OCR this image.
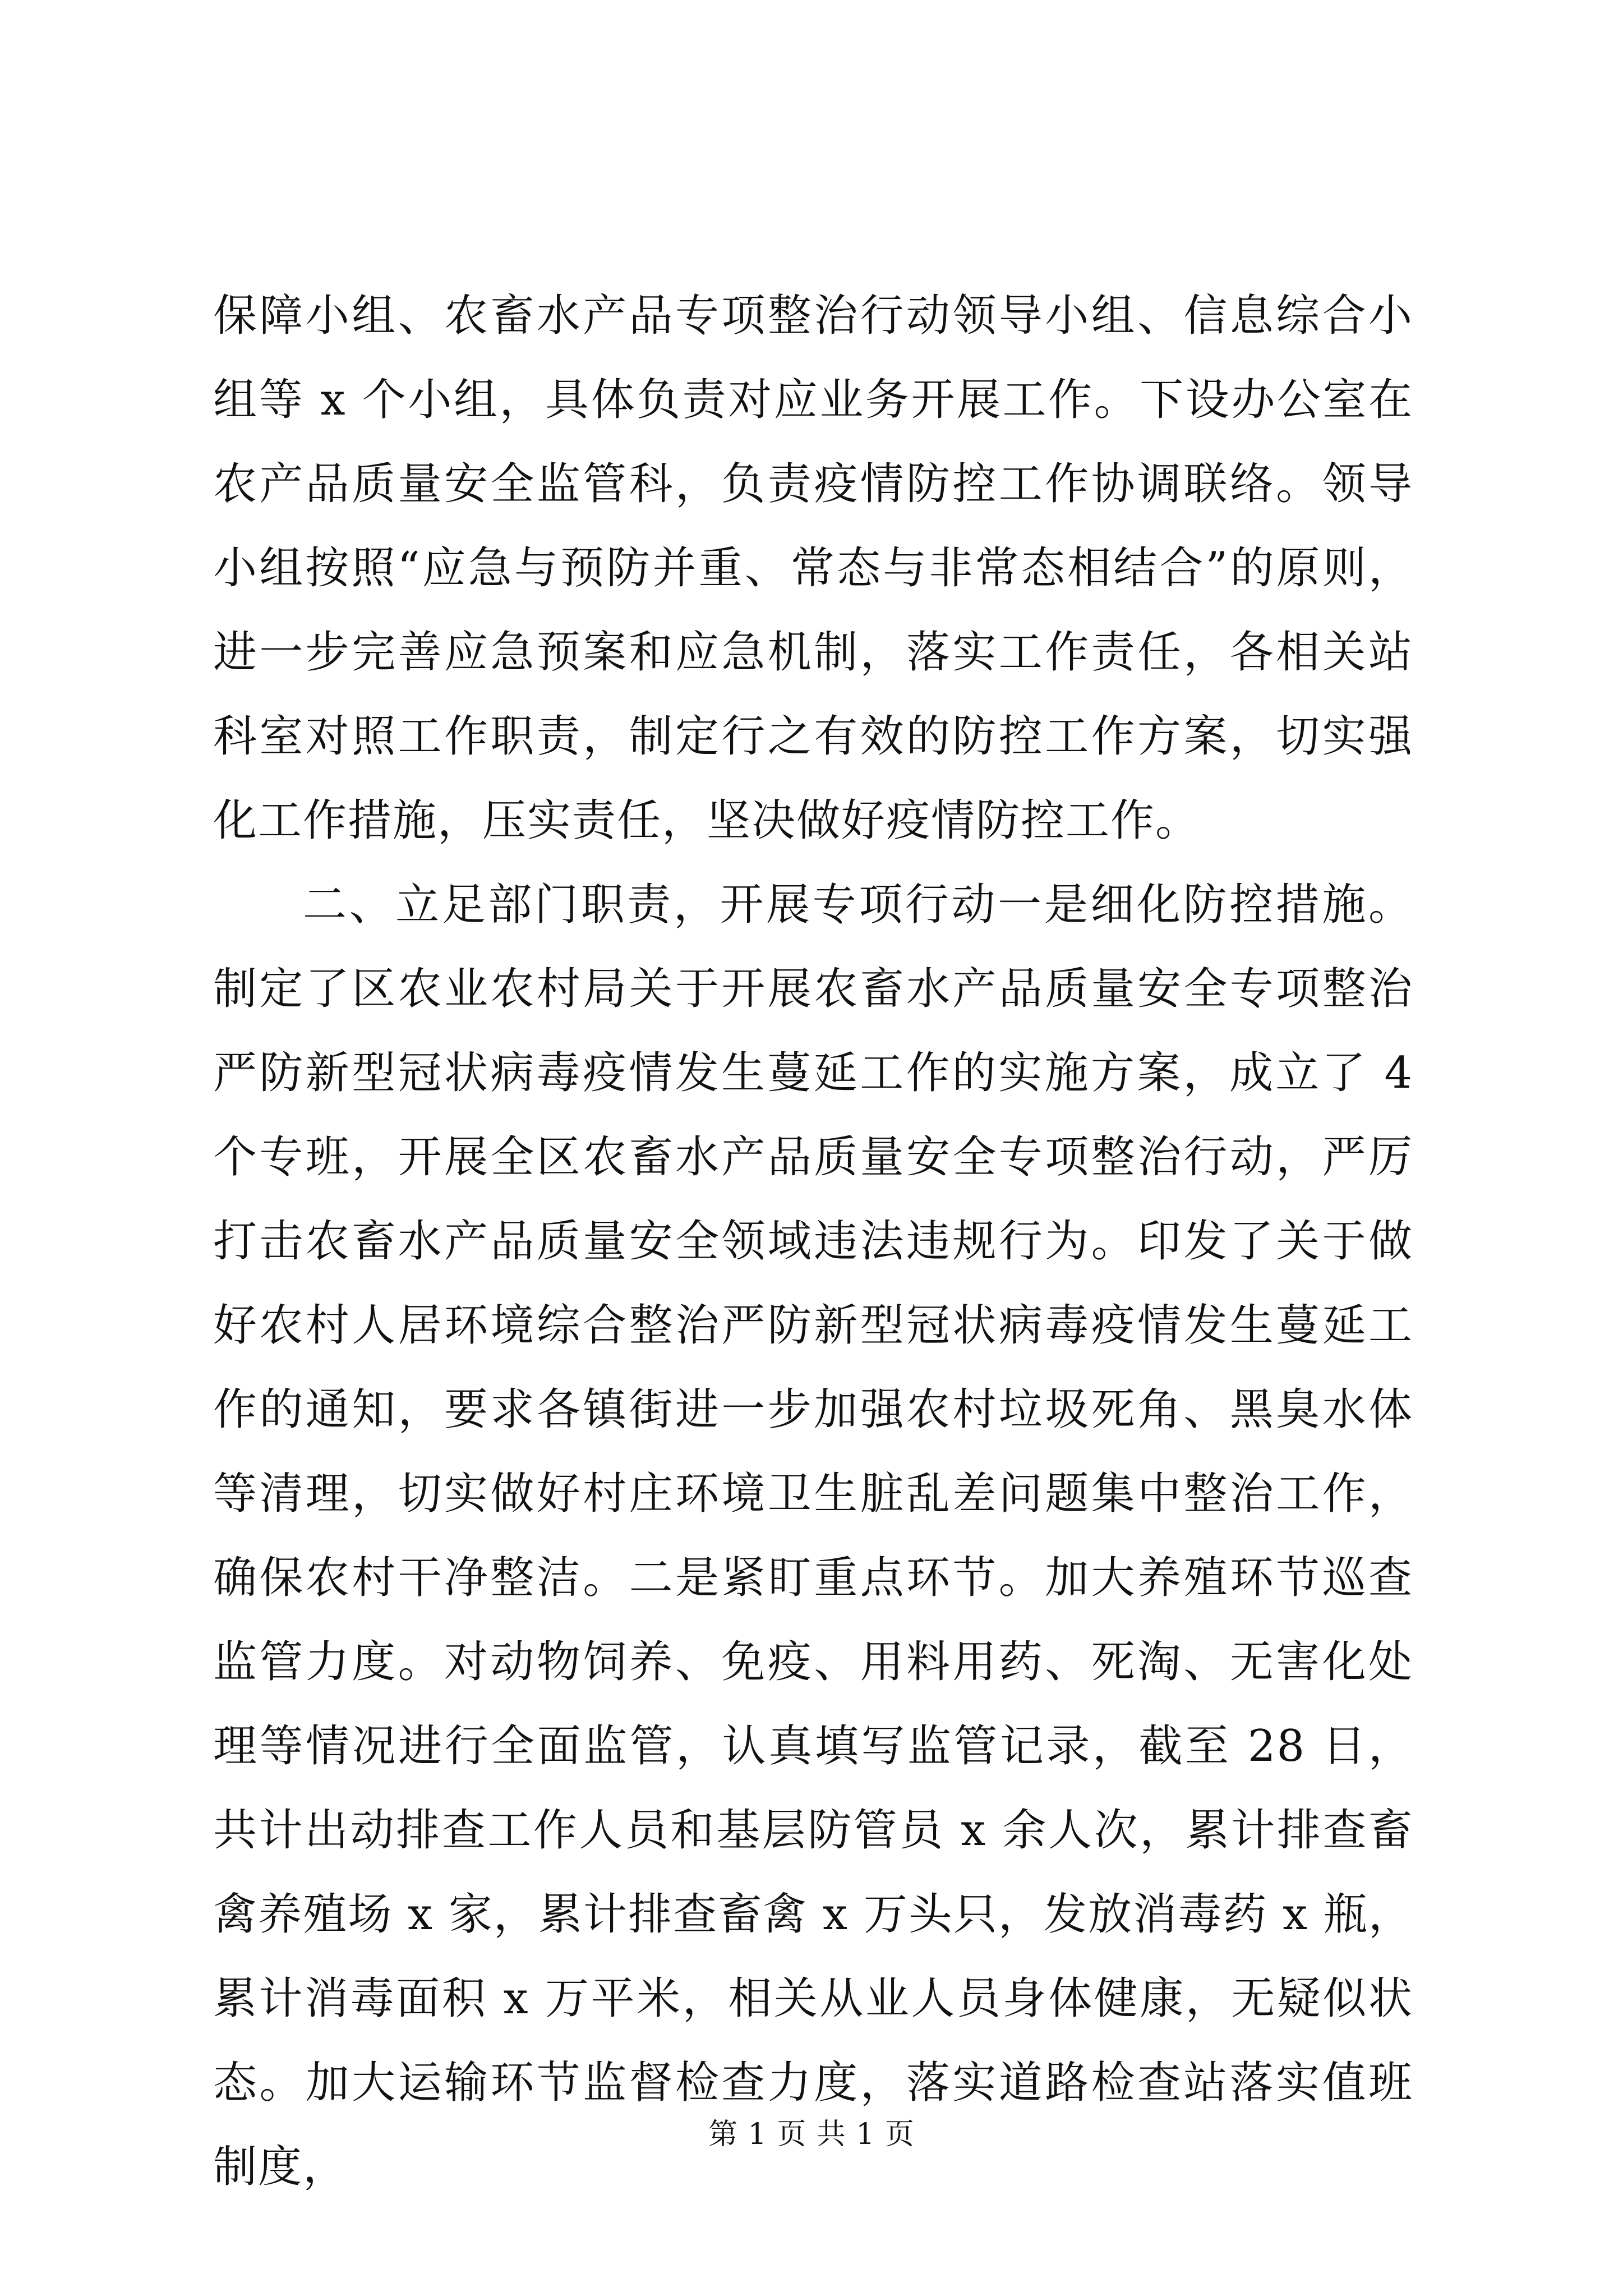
保障小组、农畜水产品专项整治行动领导小组、信息综合小组等 x 个小组，具体负责对应业务开展工作。下设办公室在农产品质量安全监管科，负责疫情防控工作协调联络。领导小组按照“应急与预防并重、常态与非常态相结合”的原则，进一步完善应急预案和应急机制，落实工作责任，各相关站科室对照工作职责，制定行之有效的防控工作方案，切实强化工作措施，压实责任，坚决做好疫情防控工作。

二、立足部门职责，开展专项行动一是细化防控措施。制定了区农业农村局关于开展农畜水产品质量安全专项整治严防新型冠状病毒疫情发生蔓延工作的实施方案，成立了 4 个专班，开展全区农畜水产品质量安全专项整治行动，严厉打击农畜水产品质量安全领域违法违规行为。印发了关于做好农村人居环境综合整治严防新型冠状病毒疫情发生蔓延工作的通知，要求各镇街进一步加强农村垃圾死角、黑臭水体等清理，切实做好村庄环境卫生脏乱差问题集中整治工作，确保农村干净整洁。二是紧盯重点环节。加大养殖环节巡查监管力度。对动物饲养、免疫、用料用药、死淘、无害化处理等情况进行全面监管，认真填写监管记录，截至 28 日，共计出动排查工作人员和基层防管员 x 余人次，累计排查畜禽养殖场 x 家，累计排查畜禽 x 万头只，发放消毒药 x 瓶，累计消毒面积 x 万平米，相关从业人员身体健康，无疑似状态。加大运输环节监督检查力度，落实道路检查站落实值班制度，

第 1 页 共 1 页
